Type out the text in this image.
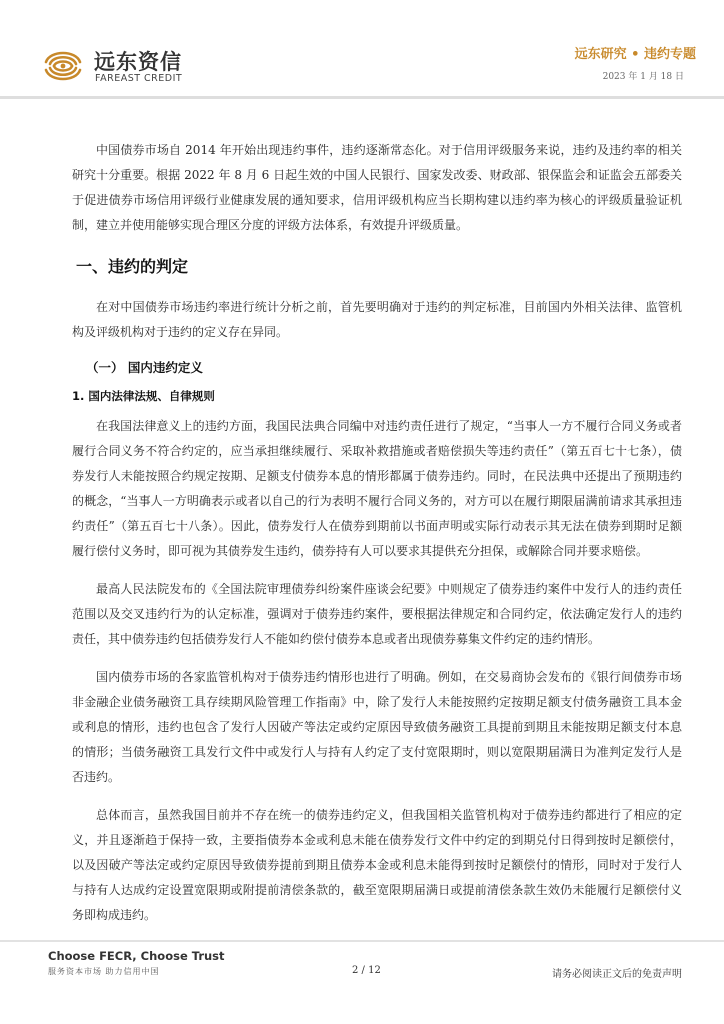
远东资信
FAREAST CREDIT
远东研究 • 违约专题
2023 年 1 月 18 日

中国债券市场自 2014 年开始出现违约事件，违约逐渐常态化。对于信用评级服务来说，违约及违约率的相关研究十分重要。根据 2022 年 8 月 6 日起生效的中国人民银行、国家发改委、财政部、银保监会和证监会五部委关于促进债券市场信用评级行业健康发展的通知要求，信用评级机构应当长期构建以违约率为核心的评级质量验证机制，建立并使用能够实现合理区分度的评级方法体系，有效提升评级质量。

一、违约的判定

在对中国债券市场违约率进行统计分析之前，首先要明确对于违约的判定标准，目前国内外相关法律、监管机构及评级机构对于违约的定义存在异同。

（一） 国内违约定义
1. 国内法律法规、自律规则

在我国法律意义上的违约方面，我国民法典合同编中对违约责任进行了规定，“当事人一方不履行合同义务或者履行合同义务不符合约定的，应当承担继续履行、采取补救措施或者赔偿损失等违约责任”（第五百七十七条），债券发行人未能按照合约规定按期、足额支付债券本息的情形都属于债券违约。同时，在民法典中还提出了预期违约的概念，“当事人一方明确表示或者以自己的行为表明不履行合同义务的，对方可以在履行期限届满前请求其承担违约责任”（第五百七十八条）。因此，债券发行人在债券到期前以书面声明或实际行动表示其无法在债券到期时足额履行偿付义务时，即可视为其债券发生违约，债券持有人可以要求其提供充分担保，或解除合同并要求赔偿。

最高人民法院发布的《全国法院审理债券纠纷案件座谈会纪要》中则规定了债券违约案件中发行人的违约责任范围以及交叉违约行为的认定标准，强调对于债券违约案件，要根据法律规定和合同约定，依法确定发行人的违约责任，其中债券违约包括债券发行人不能如约偿付债券本息或者出现债券募集文件约定的违约情形。

国内债券市场的各家监管机构对于债券违约情形也进行了明确。例如，在交易商协会发布的《银行间债券市场非金融企业债务融资工具存续期风险管理工作指南》中，除了发行人未能按照约定按期足额支付债务融资工具本金或利息的情形，违约也包含了发行人因破产等法定或约定原因导致债务融资工具提前到期且未能按期足额支付本息的情形；当债务融资工具发行文件中或发行人与持有人约定了支付宽限期时，则以宽限期届满日为准判定发行人是否违约。

总体而言，虽然我国目前并不存在统一的债券违约定义，但我国相关监管机构对于债券违约都进行了相应的定义，并且逐渐趋于保持一致，主要指债券本金或利息未能在债券发行文件中约定的到期兑付日得到按时足额偿付，以及因破产等法定或约定原因导致债券提前到期且债券本金或利息未能得到按时足额偿付的情形，同时对于发行人与持有人达成约定设置宽限期或附提前清偿条款的，截至宽限期届满日或提前清偿条款生效仍未能履行足额偿付义务即构成违约。

Choose FECR, Choose Trust
服务资本市场 助力信用中国	2 / 12	请务必阅读正文后的免责声明
